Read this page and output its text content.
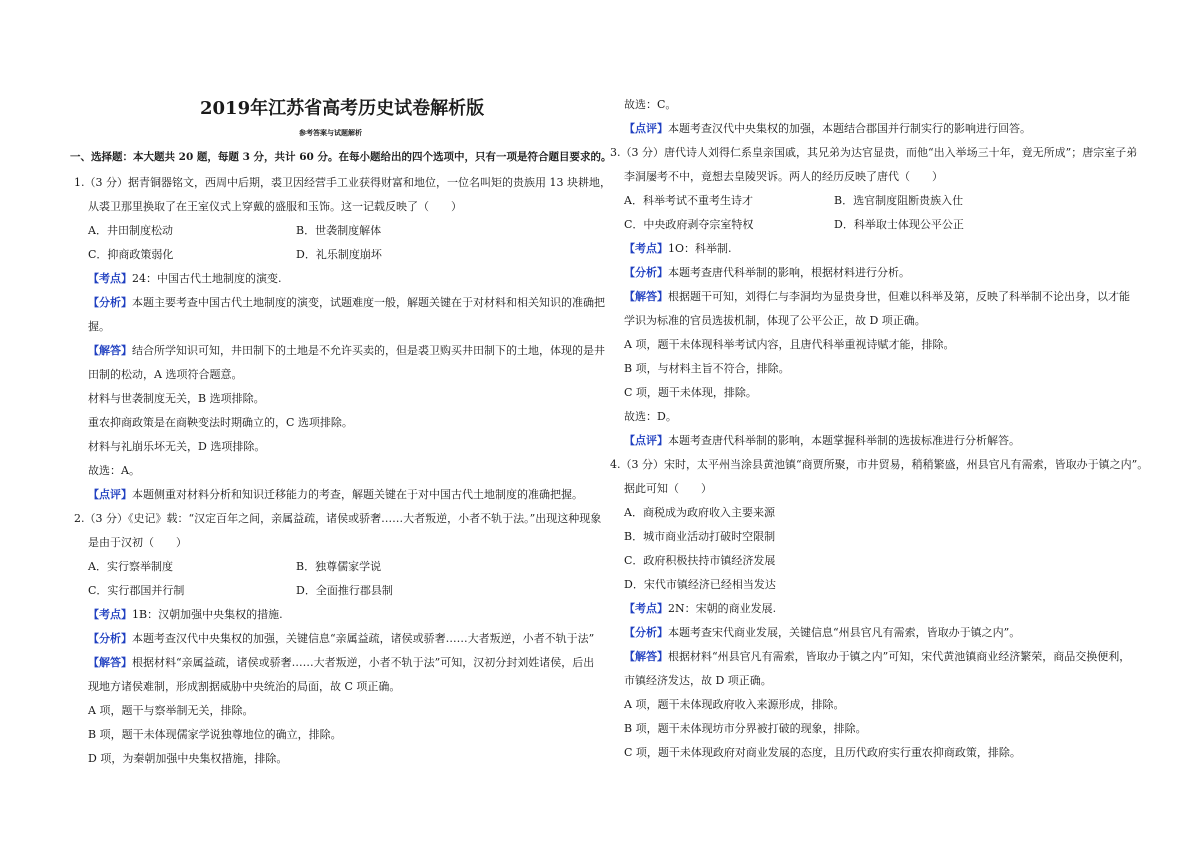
2019年江苏省高考历史试卷解析版
参考答案与试题解析
一、选择题：本大题共 20 题，每题 3 分，共计 60 分。在每小题给出的四个选项中，只有一项是符合题目要求的。
1.（3 分）据青铜器铭文，西周中后期，裘卫因经营手工业获得财富和地位，一位名叫矩的贵族用 13 块耕地，
从裘卫那里换取了在王室仪式上穿戴的盛服和玉饰。这一记载反映了（　　）
A．井田制度松动	B．世袭制度解体
C．抑商政策弱化	D．礼乐制度崩坏
【考点】24：中国古代土地制度的演变.
【分析】本题主要考查中国古代土地制度的演变，试题难度一般，解题关键在于对材料和相关知识的准确把
握。
【解答】结合所学知识可知，井田制下的土地是不允许买卖的，但是裘卫购买井田制下的土地，体现的是井
田制的松动，A 选项符合题意。
材料与世袭制度无关，B 选项排除。
重农抑商政策是在商鞅变法时期确立的，C 选项排除。
材料与礼崩乐坏无关，D 选项排除。
故选：A。
【点评】本题侧重对材料分析和知识迁移能力的考查，解题关键在于对中国古代土地制度的准确把握。
2.（3 分）《史记》载：“汉定百年之间，亲属益疏，诸侯或骄奢……大者叛逆，小者不轨于法。”出现这种现象
是由于汉初（　　）
A．实行察举制度	B．独尊儒家学说
C．实行郡国并行制	D．全面推行郡县制
【考点】1B：汉朝加强中央集权的措施.
【分析】本题考查汉代中央集权的加强，关键信息“亲属益疏，诸侯或骄奢……大者叛逆，小者不轨于法”
【解答】根据材料“亲属益疏，诸侯或骄奢……大者叛逆，小者不轨于法”可知，汉初分封刘姓诸侯，后出
现地方诸侯难制，形成割据威胁中央统治的局面，故 C 项正确。
A 项，题干与察举制无关，排除。
B 项，题干未体现儒家学说独尊地位的确立，排除。
D 项，为秦朝加强中央集权措施，排除。
故选：C。
【点评】本题考查汉代中央集权的加强，本题结合郡国并行制实行的影响进行回答。
3.（3 分）唐代诗人刘得仁系皇亲国戚，其兄弟为达官显贵，而他“出入举场三十年，竟无所成”；唐宗室子弟
李洞屡考不中，竟想去皇陵哭诉。两人的经历反映了唐代（　　）
A．科举考试不重考生诗才	B．选官制度阻断贵族入仕
C．中央政府剥夺宗室特权	D．科举取士体现公平公正
【考点】1O：科举制.
【分析】本题考查唐代科举制的影响，根据材料进行分析。
【解答】根据题干可知，刘得仁与李洞均为显贵身世，但难以科举及第，反映了科举制不论出身，以才能
学识为标准的官员选拔机制，体现了公平公正，故 D 项正确。
A 项，题干未体现科举考试内容，且唐代科举重视诗赋才能，排除。
B 项，与材料主旨不符合，排除。
C 项，题干未体现，排除。
故选：D。
【点评】本题考查唐代科举制的影响，本题掌握科举制的选拔标准进行分析解答。
4.（3 分）宋时，太平州当涂县黄池镇“商贾所聚，市井贸易，稍稍繁盛，州县官凡有需索，皆取办于镇之内”。
据此可知（　　）
A．商税成为政府收入主要来源
B．城市商业活动打破时空限制
C．政府积极扶持市镇经济发展
D．宋代市镇经济已经相当发达
【考点】2N：宋朝的商业发展.
【分析】本题考查宋代商业发展，关键信息“州县官凡有需索，皆取办于镇之内”。
【解答】根据材料“州县官凡有需索，皆取办于镇之内”可知，宋代黄池镇商业经济繁荣，商品交换便利，
市镇经济发达，故 D 项正确。
A 项，题干未体现政府收入来源形成，排除。
B 项，题干未体现坊市分界被打破的现象，排除。
C 项，题干未体现政府对商业发展的态度，且历代政府实行重农抑商政策，排除。
